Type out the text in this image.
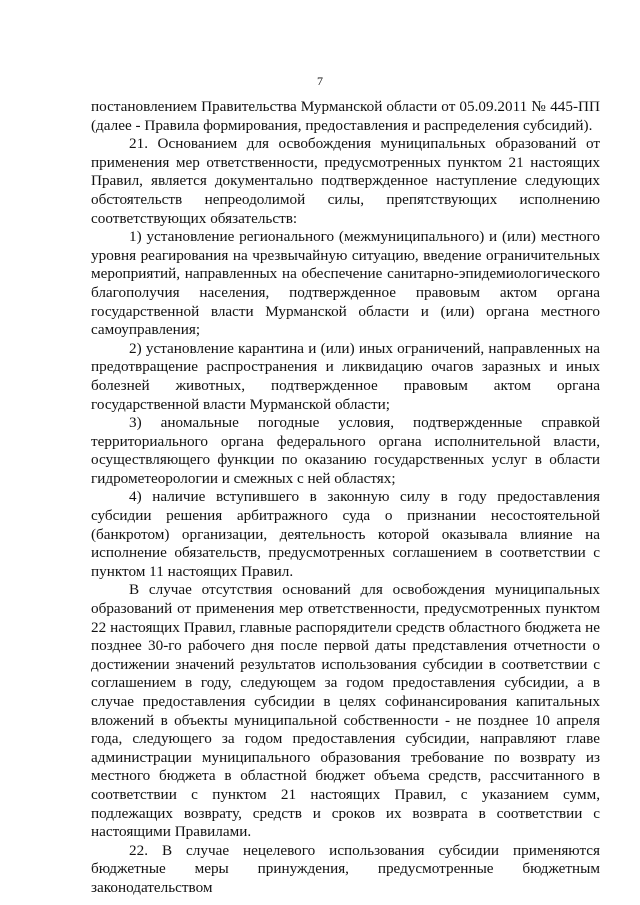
7

постановлением Правительства Мурманской области от 05.09.2011 № 445-ПП (далее - Правила формирования, предоставления и распределения субсидий).

21. Основанием для освобождения муниципальных образований от применения мер ответственности, предусмотренных пунктом 21 настоящих Правил, является документально подтвержденное наступление следующих обстоятельств непреодолимой силы, препятствующих исполнению соответствующих обязательств:

1) установление регионального (межмуниципального) и (или) местного уровня реагирования на чрезвычайную ситуацию, введение ограничительных мероприятий, направленных на обеспечение санитарно-эпидемиологического благополучия населения, подтвержденное правовым актом органа государственной власти Мурманской области и (или) органа местного самоуправления;

2) установление карантина и (или) иных ограничений, направленных на предотвращение распространения и ликвидацию очагов заразных и иных болезней животных, подтвержденное правовым актом органа государственной власти Мурманской области;

3) аномальные погодные условия, подтвержденные справкой территориального органа федерального органа исполнительной власти, осуществляющего функции по оказанию государственных услуг в области гидрометеорологии и смежных с ней областях;

4) наличие вступившего в законную силу в году предоставления субсидии решения арбитражного суда о признании несостоятельной (банкротом) организации, деятельность которой оказывала влияние на исполнение обязательств, предусмотренных соглашением в соответствии с пунктом 11 настоящих Правил.

В случае отсутствия оснований для освобождения муниципальных образований от применения мер ответственности, предусмотренных пунктом 22 настоящих Правил, главные распорядители средств областного бюджета не позднее 30-го рабочего дня после первой даты представления отчетности о достижении значений результатов использования субсидии в соответствии с соглашением в году, следующем за годом предоставления субсидии, а в случае предоставления субсидии в целях софинансирования капитальных вложений в объекты муниципальной собственности - не позднее 10 апреля года, следующего за годом предоставления субсидии, направляют главе администрации муниципального образования требование по возврату из местного бюджета в областной бюджет объема средств, рассчитанного в соответствии с пунктом 21 настоящих Правил, с указанием сумм, подлежащих возврату, средств и сроков их возврата в соответствии с настоящими Правилами.

22. В случае нецелевого использования субсидии применяются бюджетные меры принуждения, предусмотренные бюджетным законодательством
